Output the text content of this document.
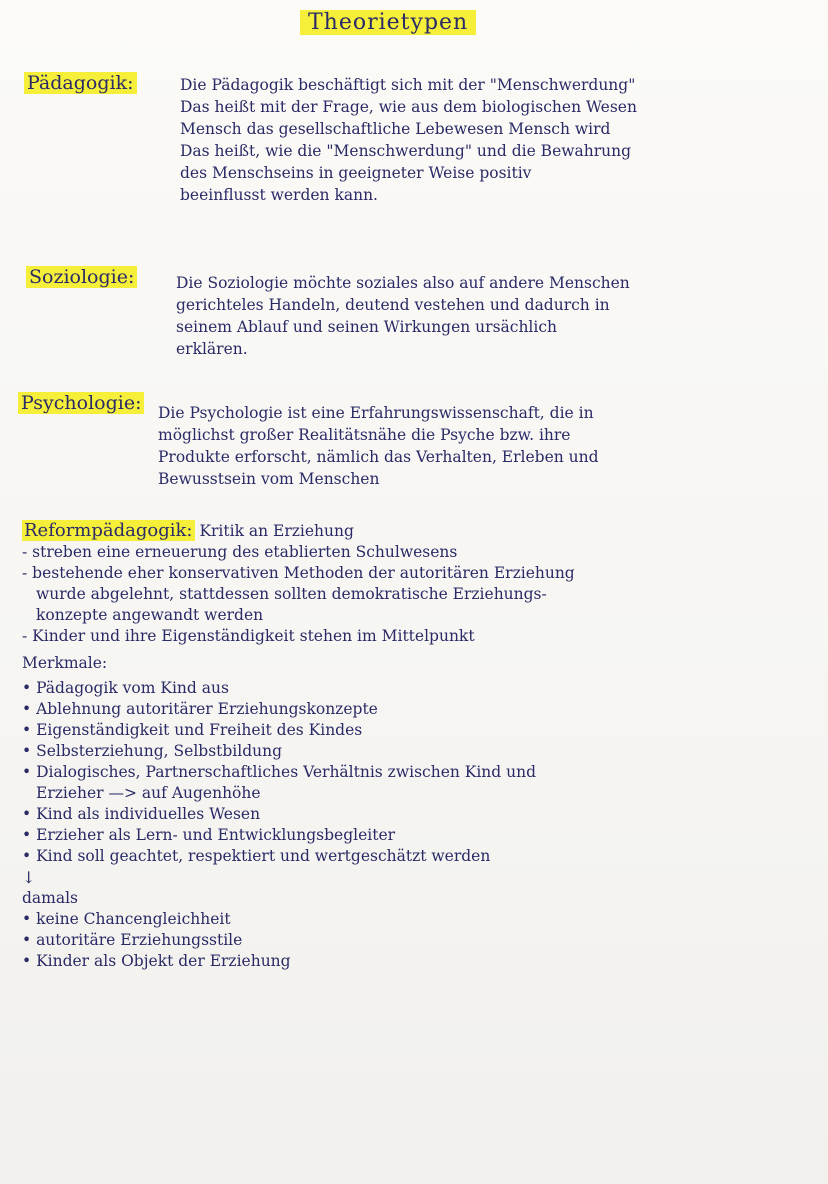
Theorietypen
Pädagogik:	Die Pädagogik beschäftigt sich mit der "Menschwerdung"
Das heißt mit der Frage, wie aus dem biologischen Wesen
Mensch das gesellschaftliche Lebewesen Mensch wird
Das heißt, wie die "Menschwerdung" und die Bewahrung
des Menschseins in geeigneter Weise positiv
beeinflusst werden kann.
Soziologie:	Die Soziologie möchte soziales also auf andere Menschen
gerichteles Handeln, deutend vestehen und dadurch in
seinem Ablauf und seinen Wirkungen ursächlich
erklären.
Psychologie: Die Psychologie ist eine Erfahrungswissenschaft, die in
möglichst großer Realitätsnähe die Psyche bzw. ihre
Produkte erforscht, nämlich das Verhalten, Erleben und
Bewusstsein vom Menschen
Reformpädagogik: Kritik an Erziehung
- streben eine erneuerung des etablierten Schulwesens
- bestehende eher konservativen Methoden der autoritären Erziehung
wurde abgelehnt, stattdessen sollten demokratische Erziehungs-
konzepte angewandt werden
- Kinder und ihre Eigenständigkeit stehen im Mittelpunkt
Merkmale:
• Pädagogik vom Kind aus
• Ablehnung autoritärer Erziehungskonzepte
• Eigenständigkeit und Freiheit des Kindes
• Selbsterziehung, Selbstbildung
• Dialogisches, Partnerschaftliches Verhältnis zwischen Kind und
Erzieher —> auf Augenhöhe
• Kind als individuelles Wesen
• Erzieher als Lern- und Entwicklungsbegleiter
• Kind soll geachtet, respektiert und wertgeschätzt werden
↓
damals
• keine Chancengleichheit
• autoritäre Erziehungsstile
• Kinder als Objekt der Erziehung
